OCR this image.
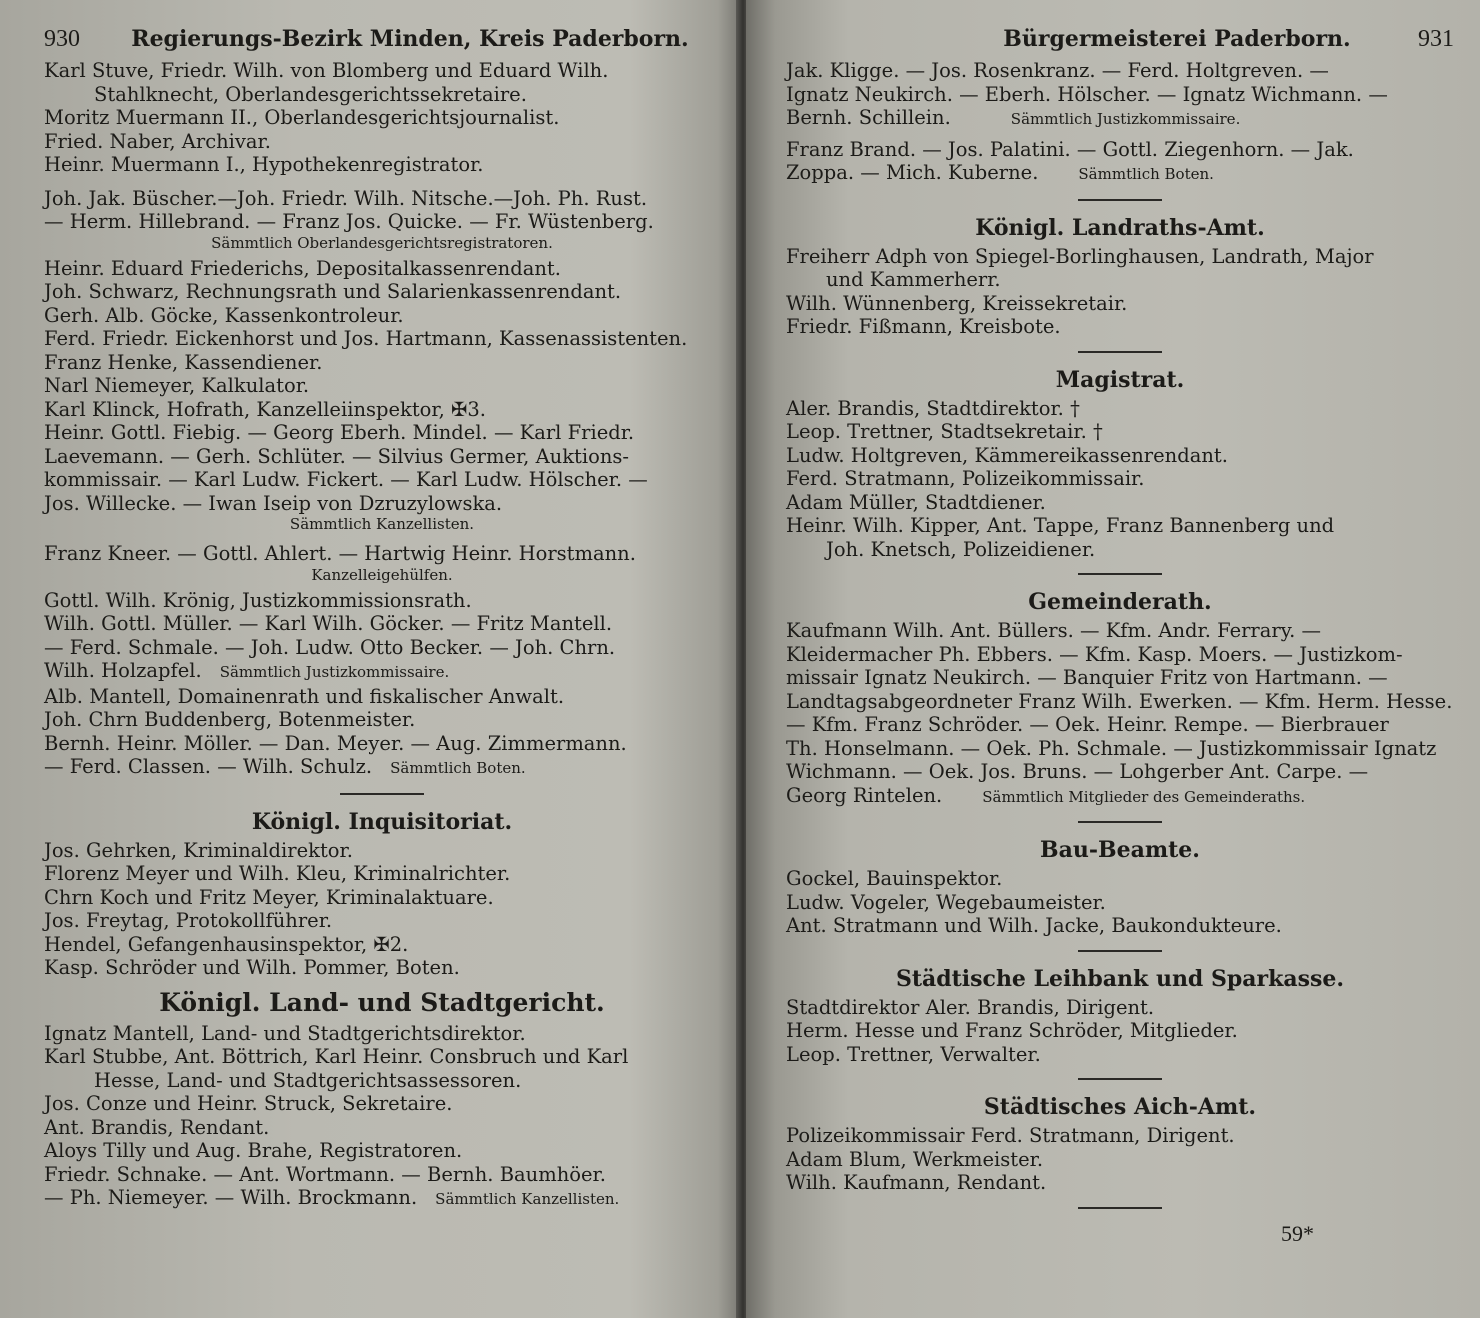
930	Regierungs-Bezirk Minden, Kreis Paderborn.

Karl Stuve, Friedr. Wilh. von Blomberg und Eduard Wilh.

Stahlknecht, Oberlandesgerichtssekretaire.

Moritz Muermann II., Oberlandesgerichtsjournalist.

Fried. Naber, Archivar.

Heinr. Muermann I., Hypothekenregistrator.

Joh. Jak. Büscher.—Joh. Friedr. Wilh. Nitsche.—Joh. Ph. Rust.

— Herm. Hillebrand. — Franz Jos. Quicke. — Fr. Wüstenberg.

Sämmtlich Oberlandesgerichtsregistratoren.

Heinr. Eduard Friederichs, Depositalkassenrendant.

Joh. Schwarz, Rechnungsrath und Salarienkassenrendant.

Gerh. Alb. Göcke, Kassenkontroleur.

Ferd. Friedr. Eickenhorst und Jos. Hartmann, Kassenassistenten.

Franz Henke, Kassendiener.

Narl Niemeyer, Kalkulator.

Karl Klinck, Hofrath, Kanzelleiinspektor, ✠3.

Heinr. Gottl. Fiebig. — Georg Eberh. Mindel. — Karl Friedr.

Laevemann. — Gerh. Schlüter. — Silvius Germer, Auktions-

kommissair. — Karl Ludw. Fickert. — Karl Ludw. Hölscher. —

Jos. Willecke. — Iwan Iseip von Dzruzylowska.

Sämmtlich Kanzellisten.

Franz Kneer. — Gottl. Ahlert. — Hartwig Heinr. Horstmann.

Kanzelleigehülfen.

Gottl. Wilh. Krönig, Justizkommissionsrath.

Wilh. Gottl. Müller. — Karl Wilh. Göcker. — Fritz Mantell.

— Ferd. Schmale. — Joh. Ludw. Otto Becker. — Joh. Chrn.

Wilh. Holzapfel. Sämmtlich Justizkommissaire.

Alb. Mantell, Domainenrath und fiskalischer Anwalt.

Joh. Chrn Buddenberg, Botenmeister.

Bernh. Heinr. Möller. — Dan. Meyer. — Aug. Zimmermann.

— Ferd. Classen. — Wilh. Schulz. Sämmtlich Boten.

Königl. Inquisitoriat.

Jos. Gehrken, Kriminaldirektor.

Florenz Meyer und Wilh. Kleu, Kriminalrichter.

Chrn Koch und Fritz Meyer, Kriminalaktuare.

Jos. Freytag, Protokollführer.

Hendel, Gefangenhausinspektor, ✠2.

Kasp. Schröder und Wilh. Pommer, Boten.

Königl. Land- und Stadtgericht.

Ignatz Mantell, Land- und Stadtgerichtsdirektor.

Karl Stubbe, Ant. Böttrich, Karl Heinr. Consbruch und Karl

Hesse, Land- und Stadtgerichtsassessoren.

Jos. Conze und Heinr. Struck, Sekretaire.

Ant. Brandis, Rendant.

Aloys Tilly und Aug. Brahe, Registratoren.

Friedr. Schnake. — Ant. Wortmann. — Bernh. Baumhöer.

— Ph. Niemeyer. — Wilh. Brockmann. Sämmtlich Kanzellisten.

Bürgermeisterei Paderborn.	931

Jak. Kligge. — Jos. Rosenkranz. — Ferd. Holtgreven. —

Ignatz Neukirch. — Eberh. Hölscher. — Ignatz Wichmann. —

Bernh. Schillein.	Sämmtlich Justizkommissaire.

Franz Brand. — Jos. Palatini. — Gottl. Ziegenhorn. — Jak.

Zoppa. — Mich. Kuberne.	Sämmtlich Boten.

Königl. Landraths-Amt.

Freiherr Adph von Spiegel-Borlinghausen, Landrath, Major

und Kammerherr.

Wilh. Wünnenberg, Kreissekretair.

Friedr. Fißmann, Kreisbote.

Magistrat.

Aler. Brandis, Stadtdirektor. †

Leop. Trettner, Stadtsekretair. †

Ludw. Holtgreven, Kämmereikassenrendant.

Ferd. Stratmann, Polizeikommissair.

Adam Müller, Stadtdiener.

Heinr. Wilh. Kipper, Ant. Tappe, Franz Bannenberg und

Joh. Knetsch, Polizeidiener.

Gemeinderath.

Kaufmann Wilh. Ant. Büllers. — Kfm. Andr. Ferrary. —

Kleidermacher Ph. Ebbers. — Kfm. Kasp. Moers. — Justizkom-

missair Ignatz Neukirch. — Banquier Fritz von Hartmann. —

Landtagsabgeordneter Franz Wilh. Ewerken. — Kfm. Herm. Hesse.

— Kfm. Franz Schröder. — Oek. Heinr. Rempe. — Bierbrauer

Th. Honselmann. — Oek. Ph. Schmale. — Justizkommissair Ignatz

Wichmann. — Oek. Jos. Bruns. — Lohgerber Ant. Carpe. —

Georg Rintelen.	Sämmtlich Mitglieder des Gemeinderaths.

Bau-Beamte.

Gockel, Bauinspektor.

Ludw. Vogeler, Wegebaumeister.

Ant. Stratmann und Wilh. Jacke, Baukondukteure.

Städtische Leihbank und Sparkasse.

Stadtdirektor Aler. Brandis, Dirigent.

Herm. Hesse und Franz Schröder, Mitglieder.

Leop. Trettner, Verwalter.

Städtisches Aich-Amt.

Polizeikommissair Ferd. Stratmann, Dirigent.

Adam Blum, Werkmeister.

Wilh. Kaufmann, Rendant.

59*
